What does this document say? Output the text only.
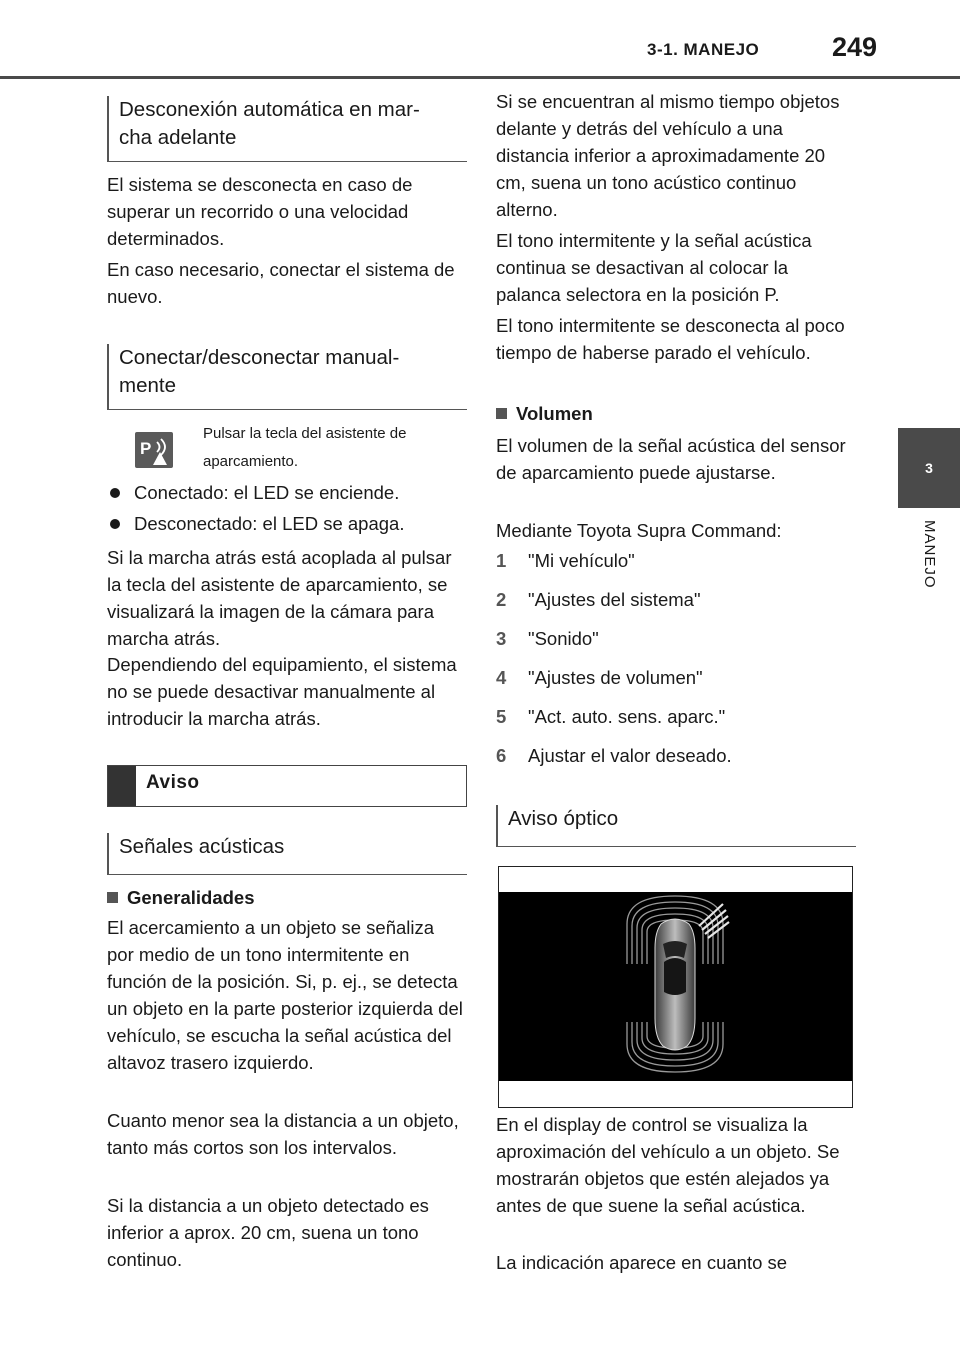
3-1. MANEJO	249
3
MANEJO
Desconexión automática en mar-
cha adelante
El sistema se desconecta en caso de superar un recorrido o una velocidad determinados.
En caso necesario, conectar el sistema de nuevo.
Conectar/desconectar manual-
mente
P
Pulsar la tecla del asistente de aparcamiento.
Conectado: el LED se enciende.
Desconectado: el LED se apaga.
Si la marcha atrás está acoplada al pulsar la tecla del asistente de aparcamiento, se visualizará la imagen de la cámara para marcha atrás.
Dependiendo del equipamiento, el sistema no se puede desactivar manualmente al introducir la marcha atrás.
Aviso
Señales acústicas
Generalidades
El acercamiento a un objeto se señaliza por medio de un tono intermitente en función de la posición. Si, p. ej., se detecta un objeto en la parte posterior izquierda del vehículo, se escucha la señal acústica del altavoz trasero izquierdo.
Cuanto menor sea la distancia a un objeto, tanto más cortos son los intervalos.
Si la distancia a un objeto detectado es inferior a aprox. 20 cm, suena un tono continuo.
Si se encuentran al mismo tiempo objetos delante y detrás del vehículo a una distancia inferior a aproximadamente 20 cm, suena un tono acústico continuo alterno.
El tono intermitente y la señal acústica continua se desactivan al colocar la palanca selectora en la posición P.
El tono intermitente se desconecta al poco tiempo de haberse parado el vehículo.
Volumen
El volumen de la señal acústica del sensor de aparcamiento puede ajustarse.
Mediante Toyota Supra Command:
1 "Mi vehículo"
2 "Ajustes del sistema"
3 "Sonido"
4 "Ajustes de volumen"
5 "Act. auto. sens. aparc."
6 Ajustar el valor deseado.
Aviso óptico
En el display de control se visualiza la aproximación del vehículo a un objeto. Se mostrarán objetos que estén alejados ya antes de que suene la señal acústica.
La indicación aparece en cuanto se
